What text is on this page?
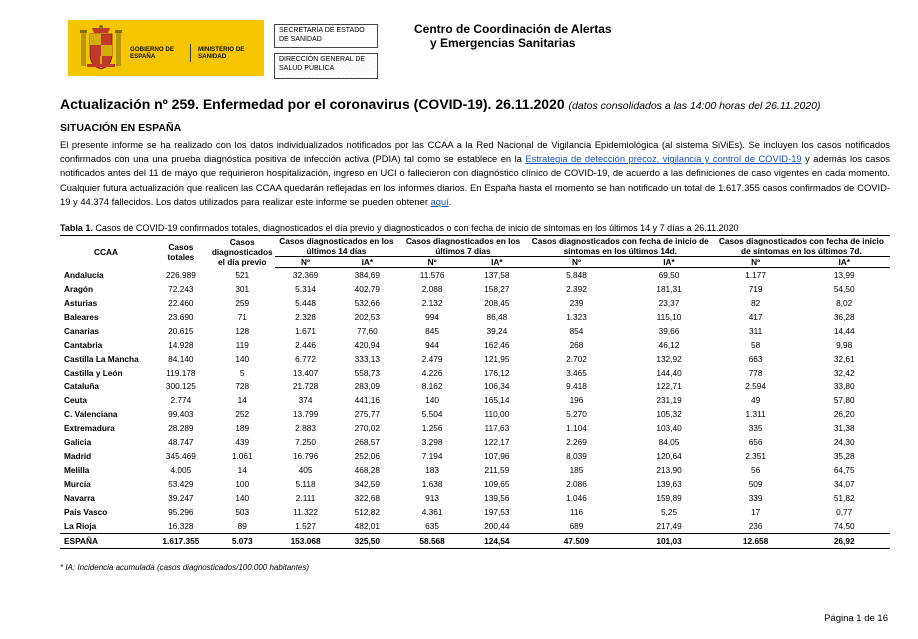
GOBIERNO DE ESPAÑA
MINISTERIO DE SANIDAD
SECRETARÍA DE ESTADO DE SANIDAD
DIRECCIÓN GENERAL DE SALUD PÚBLICA
Centro de Coordinación de Alertas
y Emergencias Sanitarias
Actualización nº 259. Enfermedad por el coronavirus (COVID-19). 26.11.2020 (datos consolidados a las 14:00 horas del 26.11.2020)
SITUACIÓN EN ESPAÑA
El presente informe se ha realizado con los datos individualizados notificados por las CCAA a la Red Nacional de Vigilancia Epidemiológica (al sistema SiViEs). Se incluyen los casos notificados confirmados con una una prueba diagnóstica positiva de infección activa (PDIA) tal como se establece en la Estrategia de detección precoz, vigilancia y control de COVID-19 y además los casos notificados antes del 11 de mayo que requirieron hospitalización, ingreso en UCI o fallecieron con diagnóstico clínico de COVID-19, de acuerdo a las definiciones de caso vigentes en cada momento. Cualquier futura actualización que realicen las CCAA quedarán reflejadas en los informes diarios. En España hasta el momento se han notificado un total de 1.617.355 casos confirmados de COVID-19 y 44.374 fallecidos. Los datos utilizados para realizar este informe se pueden obtener aquí.
Tabla 1. Casos de COVID-19 confirmados totales, diagnosticados el día previo y diagnosticados o con fecha de inicio de síntomas en los últimos 14 y 7 días a 26.11.2020
CCAA	Casos totales	Casos diagnosticados el día previo	Casos diagnosticados en los últimos 14 días		Casos diagnosticados en los últimos 7 días		Casos diagnosticados con fecha de inicio de síntomas en los últimos 14d.		Casos diagnosticados con fecha de inicio de síntomas en los últimos 7d.	
			Nº	IA*	Nº	IA*	Nº	IA*	Nº	IA*
Andalucía	226.989	521	32.369	384,69	11.576	137,58	5.848	69,50	1.177	13,99
Aragón	72.243	301	5.314	402,79	2.088	158,27	2.392	181,31	719	54,50
Asturias	22.460	259	5.448	532,66	2.132	208,45	239	23,37	82	8,02
Baleares	23.690	71	2.328	202,53	994	86,48	1.323	115,10	417	36,28
Canarias	20.615	128	1.671	77,60	845	39,24	854	39,66	311	14,44
Cantabria	14.928	119	2.446	420,94	944	162,46	268	46,12	58	9,98
Castilla La Mancha	84.140	140	6.772	333,13	2.479	121,95	2.702	132,92	663	32,61
Castilla y León	119.178	5	13.407	558,73	4.226	176,12	3.465	144,40	778	32,42
Cataluña	300.125	728	21.728	283,09	8.162	106,34	9.418	122,71	2.594	33,80
Ceuta	2.774	14	374	441,16	140	165,14	196	231,19	49	57,80
C. Valenciana	99.403	252	13.799	275,77	5.504	110,00	5.270	105,32	1.311	26,20
Extremadura	28.289	189	2.883	270,02	1.256	117,63	1.104	103,40	335	31,38
Galicia	48.747	439	7.250	268,57	3.298	122,17	2.269	84,05	656	24,30
Madrid	345.469	1.061	16.796	252,06	7.194	107,96	8.039	120,64	2.351	35,28
Melilla	4.005	14	405	468,28	183	211,59	185	213,90	56	64,75
Murcia	53.429	100	5.118	342,59	1.638	109,65	2.086	139,63	509	34,07
Navarra	39.247	140	2.111	322,68	913	139,56	1.046	159,89	339	51,82
País Vasco	95.296	503	11.322	512,82	4.361	197,53	116	5,25	17	0,77
La Rioja	16.328	89	1.527	482,01	635	200,44	689	217,49	236	74,50
ESPAÑA	1.617.355	5.073	153.068	325,50	58.568	124,54	47.509	101,03	12.658	26,92
* IA: Incidencia acumulada (casos diagnosticados/100.000 habitantes)
Página 1 de 16
